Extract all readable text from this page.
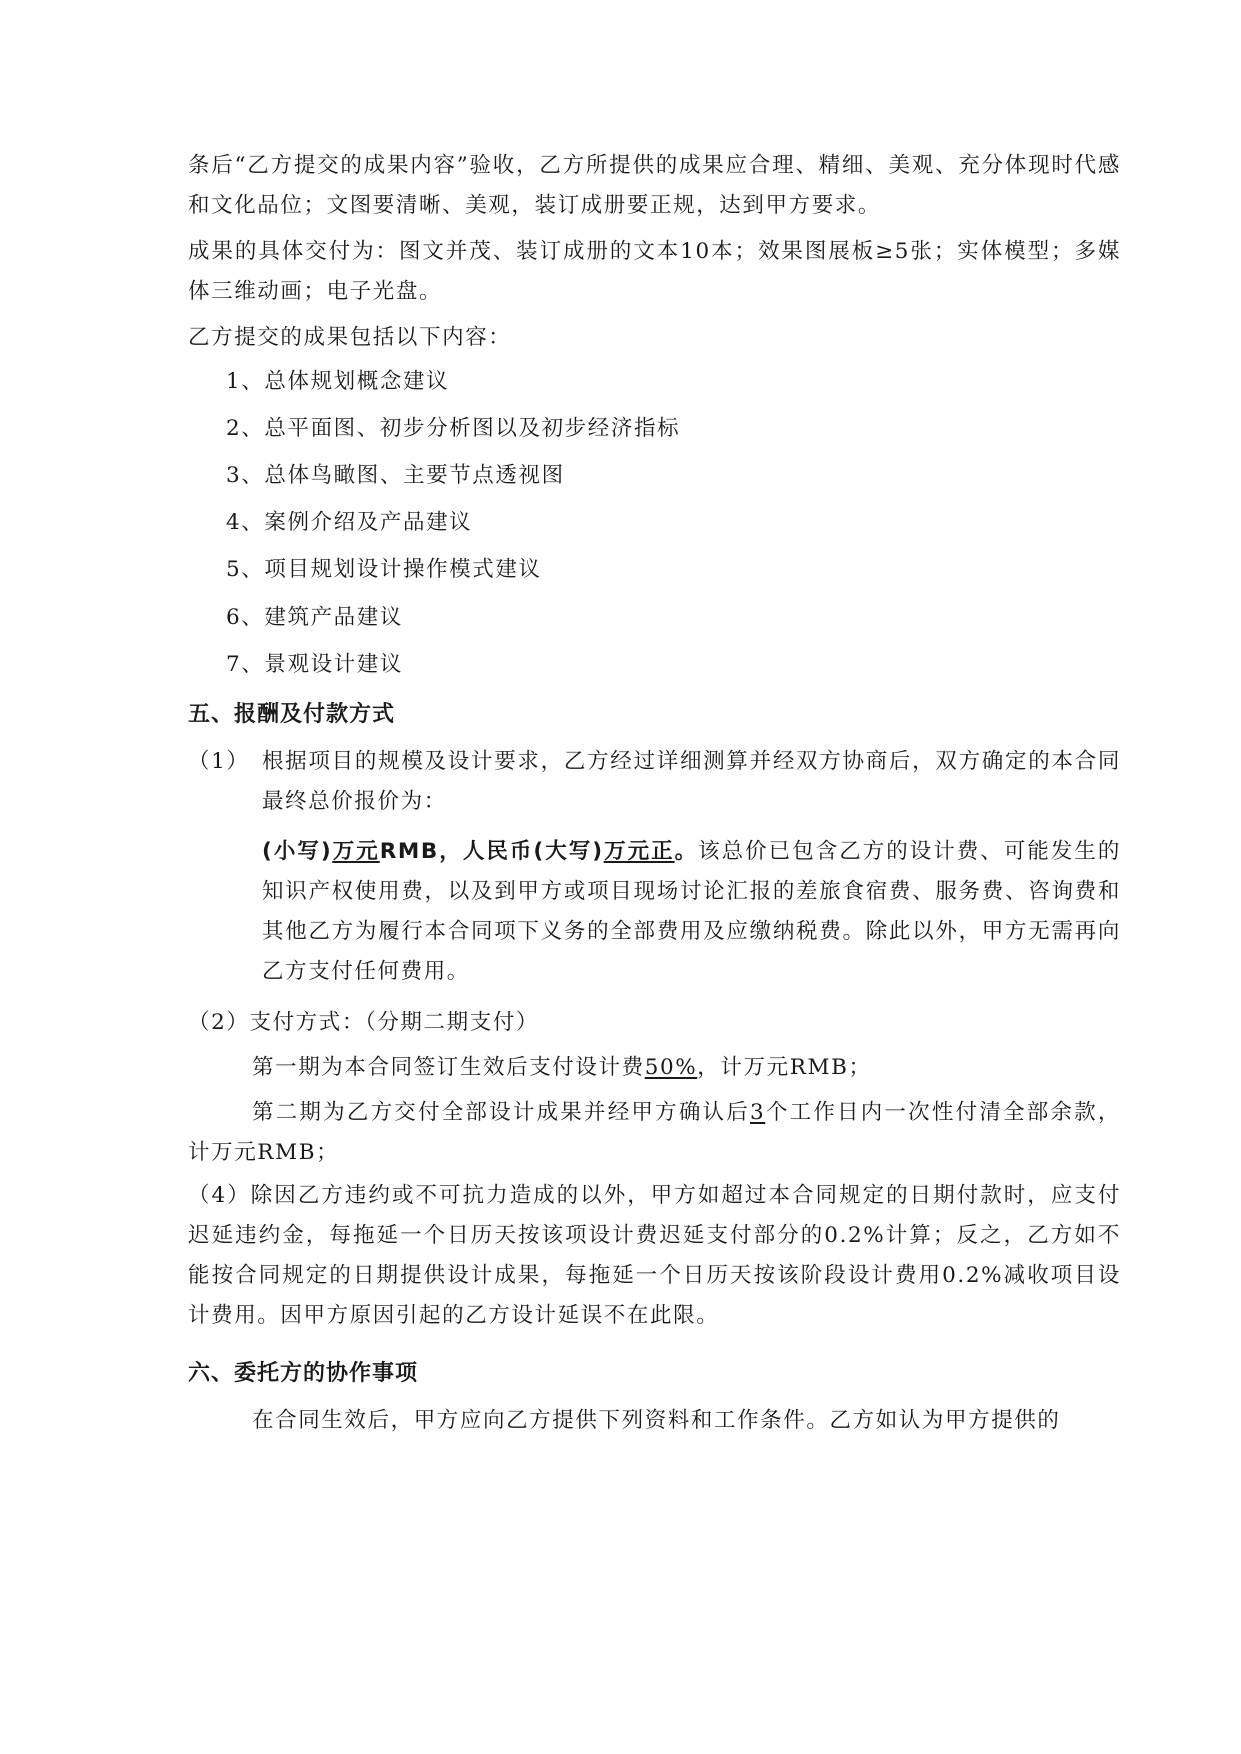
条后“乙方提交的成果内容”验收，乙方所提供的成果应合理、精细、美观、充分体现时代感和文化品位；文图要清晰、美观，装订成册要正规，达到甲方要求。

成果的具体交付为：图文并茂、装订成册的文本10本；效果图展板≥5张；实体模型；多媒体三维动画；电子光盘。

乙方提交的成果包括以下内容：

1、总体规划概念建议
2、总平面图、初步分析图以及初步经济指标
3、总体鸟瞰图、主要节点透视图
4、案例介绍及产品建议
5、项目规划设计操作模式建议
6、建筑产品建议
7、景观设计建议
五、报酬及付款方式
（1） 根据项目的规模及设计要求，乙方经过详细测算并经双方协商后，双方确定的本合同最终总价报价为：

(小写)万元RMB，人民币(大写)万元正。该总价已包含乙方的设计费、可能发生的知识产权使用费，以及到甲方或项目现场讨论汇报的差旅食宿费、服务费、咨询费和其他乙方为履行本合同项下义务的全部费用及应缴纳税费。除此以外，甲方无需再向乙方支付任何费用。

（2）支付方式：（分期二期支付）

第一期为本合同签订生效后支付设计费50%，计万元RMB；

第二期为乙方交付全部设计成果并经甲方确认后3个工作日内一次性付清全部余款，计万元RMB；

（4）除因乙方违约或不可抗力造成的以外，甲方如超过本合同规定的日期付款时，应支付迟延违约金，每拖延一个日历天按该项设计费迟延支付部分的0.2%计算；反之，乙方如不能按合同规定的日期提供设计成果，每拖延一个日历天按该阶段设计费用0.2%减收项目设计费用。因甲方原因引起的乙方设计延误不在此限。

六、委托方的协作事项

在合同生效后，甲方应向乙方提供下列资料和工作条件。乙方如认为甲方提供的
